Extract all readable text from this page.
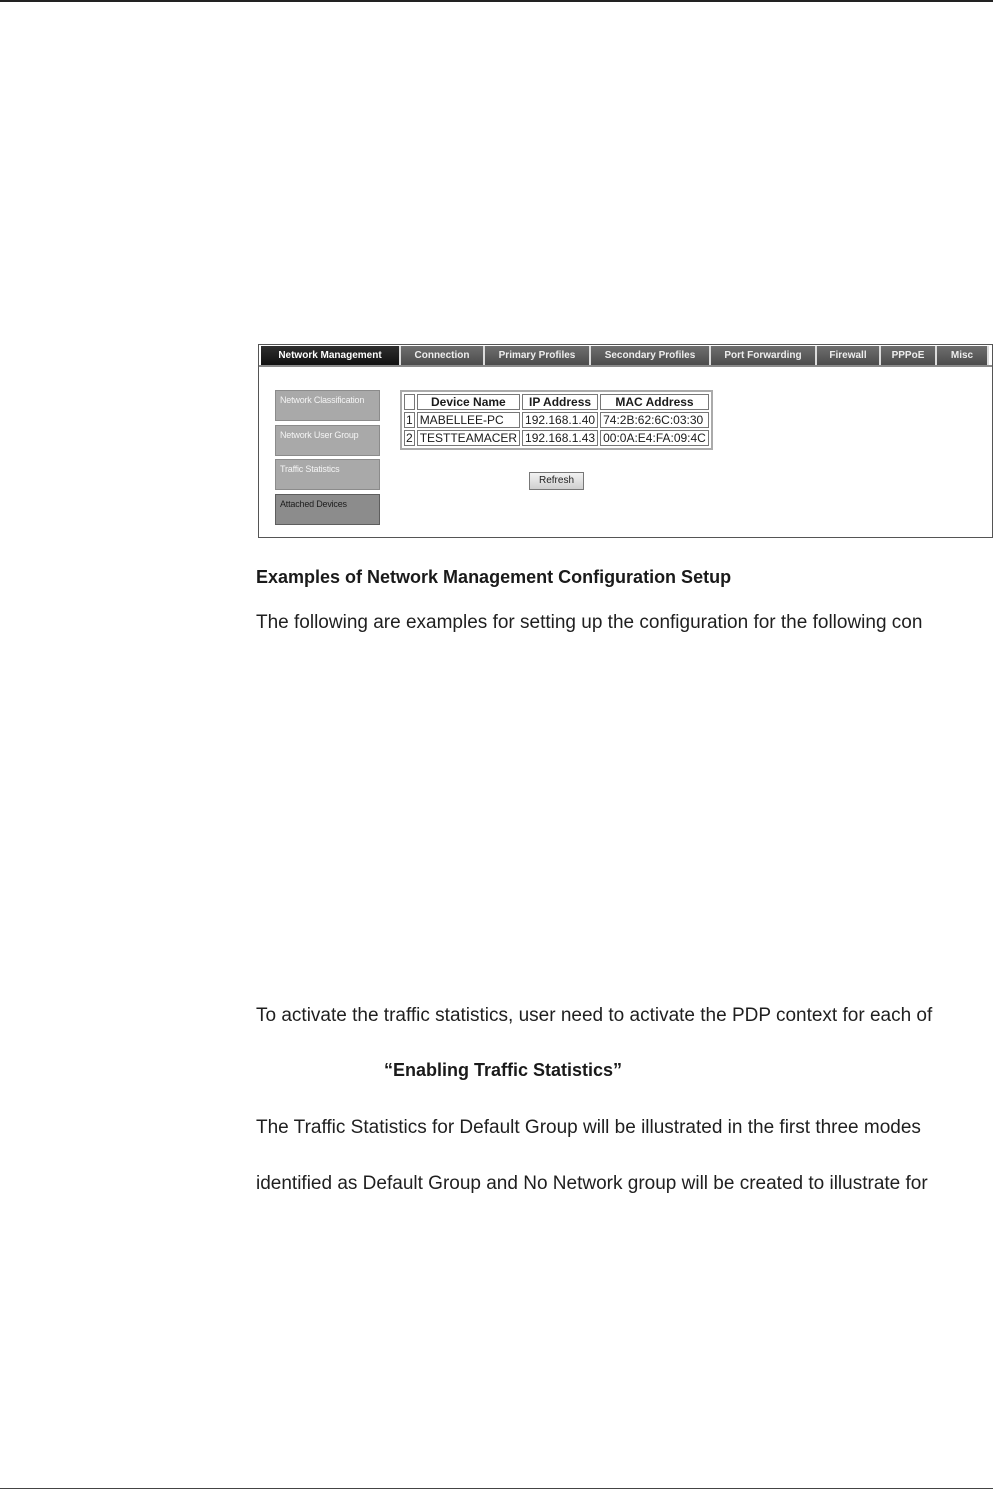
Network Management	Connection	Primary Profiles	Secondary Profiles	Port Forwarding	Firewall	PPPoE	Misc
Network Classification
Network User Group
Traffic Statistics
Attached Devices
	Device Name	IP Address	MAC Address
1	MABELLEE-PC	192.168.1.40	74:2B:62:6C:03:30
2	TESTTEAMACER	192.168.1.43	00:0A:E4:FA:09:4C
Refresh
Examples of Network Management Configuration Setup
The following are examples for setting up the configuration for the following con
To activate the traffic statistics, user need to activate the PDP context for each of
“Enabling Traffic Statistics”
The Traffic Statistics for Default Group will be illustrated in the first three modes
identified as Default Group and No Network group will be created to illustrate for
